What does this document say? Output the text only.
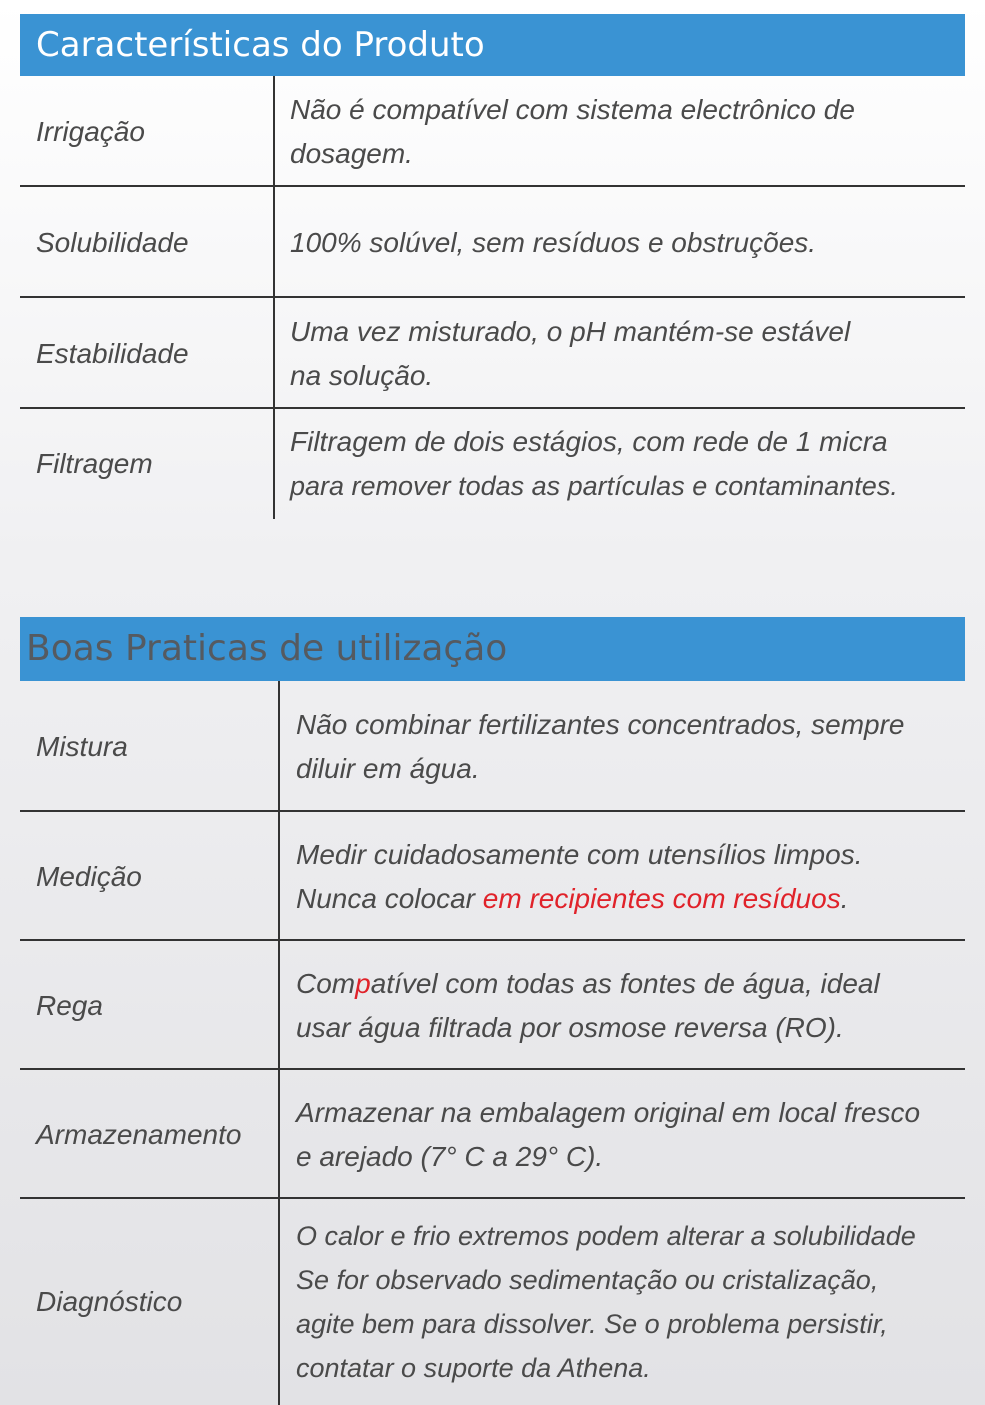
Características do Produto
Irrigação
Não é compatível com sistema electrônico de
dosagem.
Solubilidade	100% solúvel, sem resíduos e obstruções.
Estabilidade
Uma vez misturado, o pH mantém-se estável
na solução.
Filtragem
Filtragem de dois estágios, com rede de 1 micra
para remover todas as partículas e contaminantes.
Boas Praticas de utilização
Mistura
Não combinar fertilizantes concentrados, sempre
diluir em água.
Medição
Medir cuidadosamente com utensílios limpos.
Nunca colocar em recipientes com resíduos.
Rega
Compatível com todas as fontes de água, ideal
usar água filtrada por osmose reversa (RO).
Armazenamento
Armazenar na embalagem original em local fresco
e arejado (7° C a 29° C).
Diagnóstico
O calor e frio extremos podem alterar a solubilidade
Se for observado sedimentação ou cristalização,
agite bem para dissolver. Se o problema persistir,
contatar o suporte da Athena.
